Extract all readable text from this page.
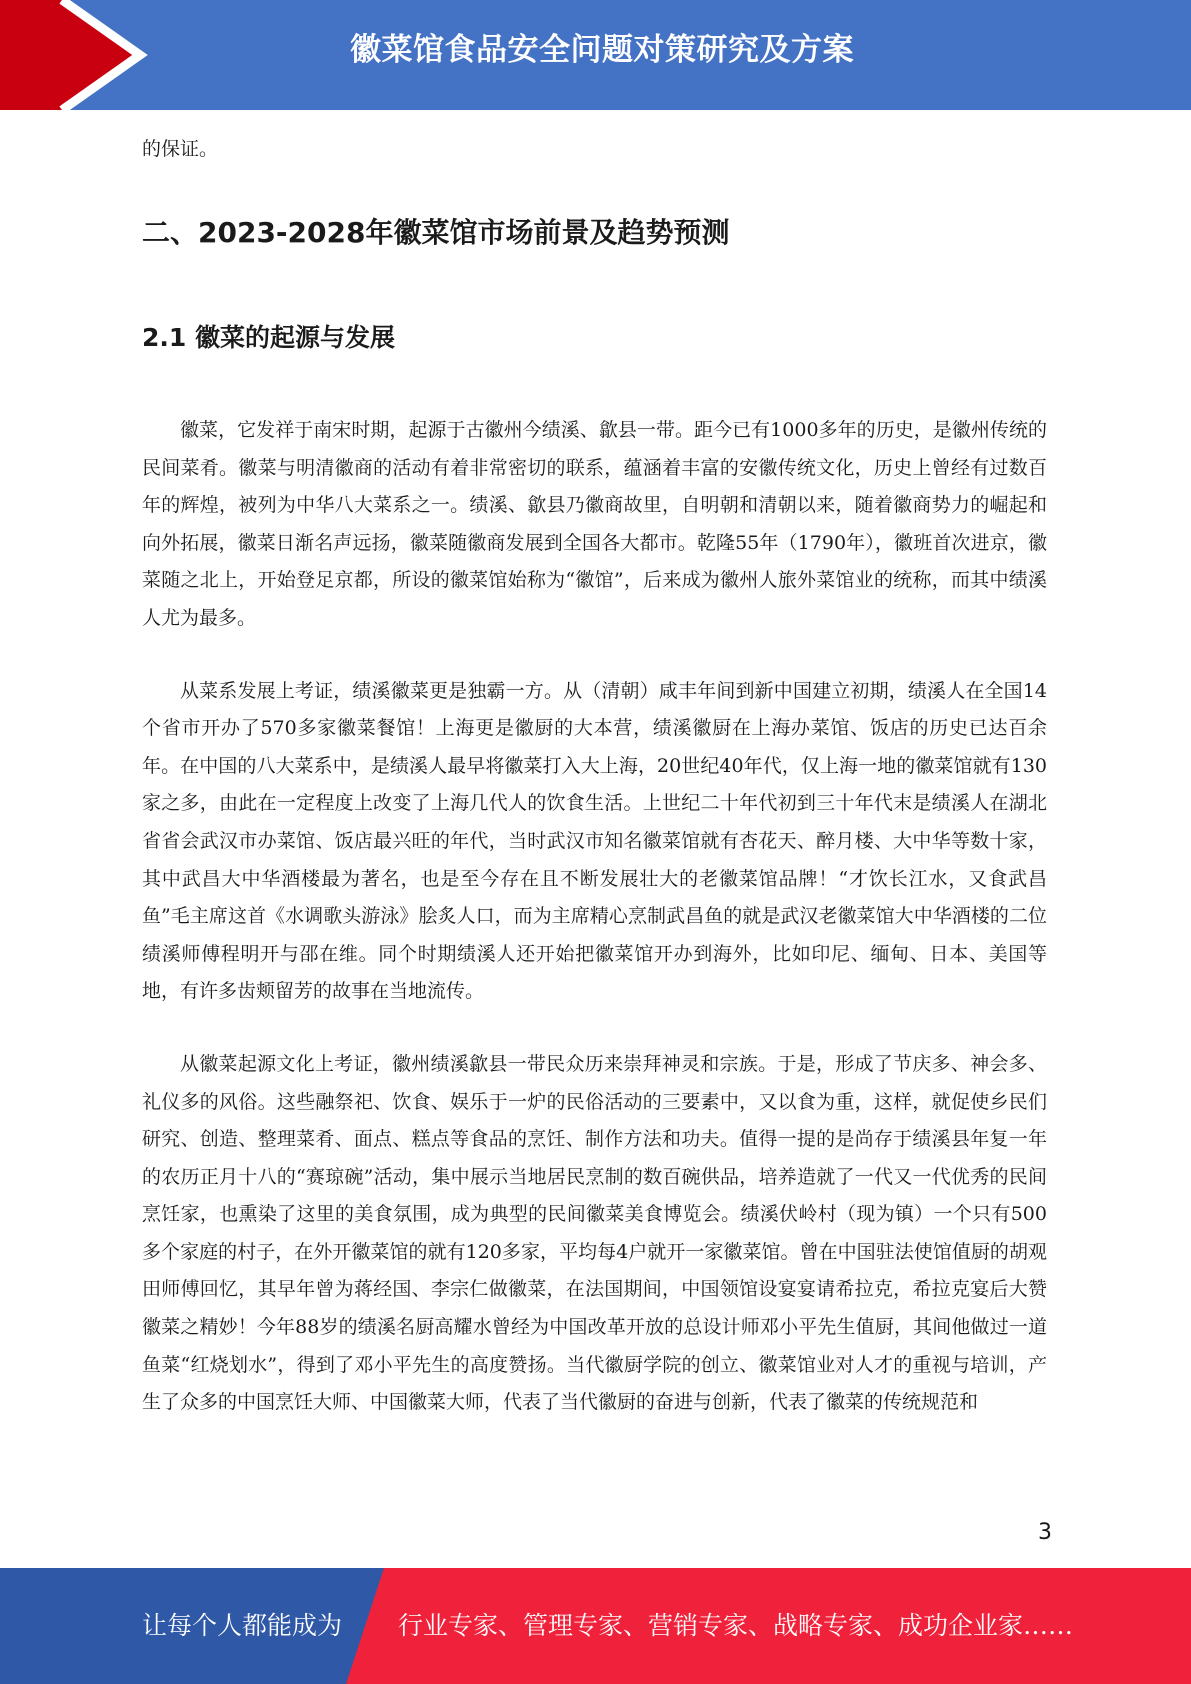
徽菜馆食品安全问题对策研究及方案

的保证。

二、2023-2028年徽菜馆市场前景及趋势预测
2.1 徽菜的起源与发展

徽菜，它发祥于南宋时期，起源于古徽州今绩溪、歙县一带。距今已有1000多年的历史，是徽州传统的民间菜肴。徽菜与明清徽商的活动有着非常密切的联系，蕴涵着丰富的安徽传统文化，历史上曾经有过数百年的辉煌，被列为中华八大菜系之一。绩溪、歙县乃徽商故里，自明朝和清朝以来，随着徽商势力的崛起和向外拓展，徽菜日渐名声远扬，徽菜随徽商发展到全国各大都市。乾隆55年（1790年），徽班首次进京，徽菜随之北上，开始登足京都，所设的徽菜馆始称为“徽馆”，后来成为徽州人旅外菜馆业的统称，而其中绩溪人尤为最多。

从菜系发展上考证，绩溪徽菜更是独霸一方。从（清朝）咸丰年间到新中国建立初期，绩溪人在全国14个省市开办了570多家徽菜餐馆！上海更是徽厨的大本营，绩溪徽厨在上海办菜馆、饭店的历史已达百余年。在中国的八大菜系中，是绩溪人最早将徽菜打入大上海，20世纪40年代，仅上海一地的徽菜馆就有130家之多，由此在一定程度上改变了上海几代人的饮食生活。上世纪二十年代初到三十年代末是绩溪人在湖北省省会武汉市办菜馆、饭店最兴旺的年代，当时武汉市知名徽菜馆就有杏花天、醉月楼、大中华等数十家，其中武昌大中华酒楼最为著名，也是至今存在且不断发展壮大的老徽菜馆品牌！“才饮长江水，又食武昌鱼”毛主席这首《水调歌头游泳》脍炙人口，而为主席精心烹制武昌鱼的就是武汉老徽菜馆大中华酒楼的二位绩溪师傅程明开与邵在维。同个时期绩溪人还开始把徽菜馆开办到海外，比如印尼、缅甸、日本、美国等地，有许多齿颊留芳的故事在当地流传。

从徽菜起源文化上考证，徽州绩溪歙县一带民众历来崇拜神灵和宗族。于是，形成了节庆多、神会多、礼仪多的风俗。这些融祭祀、饮食、娱乐于一炉的民俗活动的三要素中，又以食为重，这样，就促使乡民们研究、创造、整理菜肴、面点、糕点等食品的烹饪、制作方法和功夫。值得一提的是尚存于绩溪县年复一年的农历正月十八的“赛琼碗”活动，集中展示当地居民烹制的数百碗供品，培养造就了一代又一代优秀的民间烹饪家，也熏染了这里的美食氛围，成为典型的民间徽菜美食博览会。绩溪伏岭村（现为镇）一个只有500多个家庭的村子，在外开徽菜馆的就有120多家，平均每4户就开一家徽菜馆。曾在中国驻法使馆值厨的胡观田师傅回忆，其早年曾为蒋经国、李宗仁做徽菜，在法国期间，中国领馆设宴宴请希拉克，希拉克宴后大赞徽菜之精妙！今年88岁的绩溪名厨高耀水曾经为中国改革开放的总设计师邓小平先生值厨，其间他做过一道鱼菜“红烧划水”，得到了邓小平先生的高度赞扬。当代徽厨学院的创立、徽菜馆业对人才的重视与培训，产生了众多的中国烹饪大师、中国徽菜大师，代表了当代徽厨的奋进与创新，代表了徽菜的传统规范和

3
让每个人都能成为 行业专家、管理专家、营销专家、战略专家、成功企业家……
